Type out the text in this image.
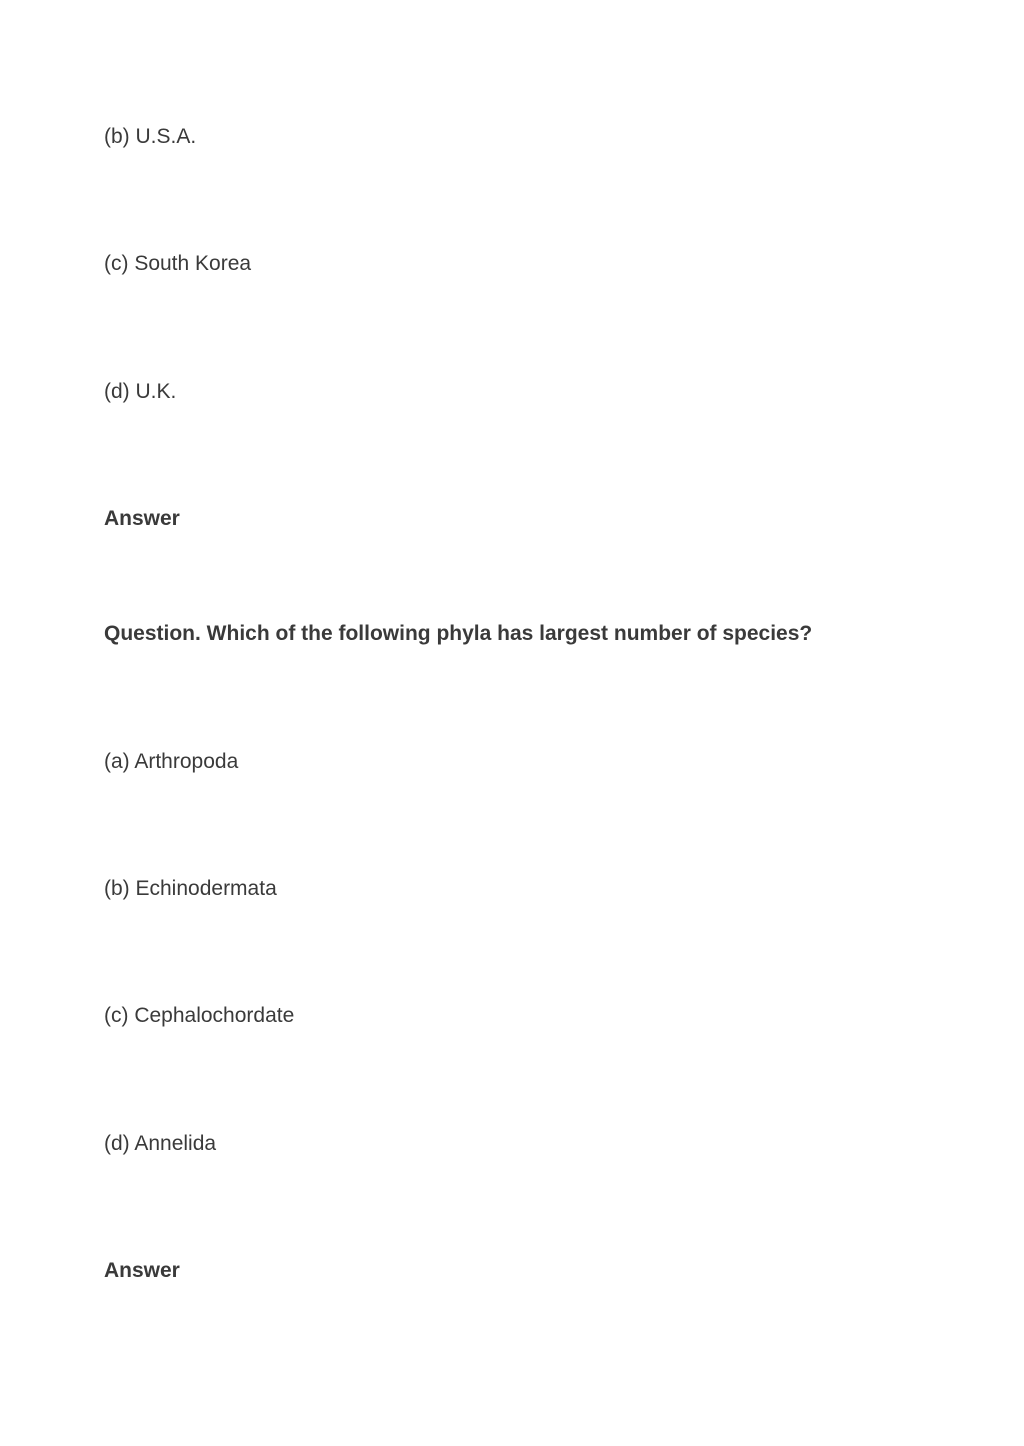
(b) U.S.A.

(c) South Korea

(d) U.K.

Answer

Question. Which of the following phyla has largest number of species?

(a) Arthropoda

(b) Echinodermata

(c) Cephalochordate

(d) Annelida

Answer
